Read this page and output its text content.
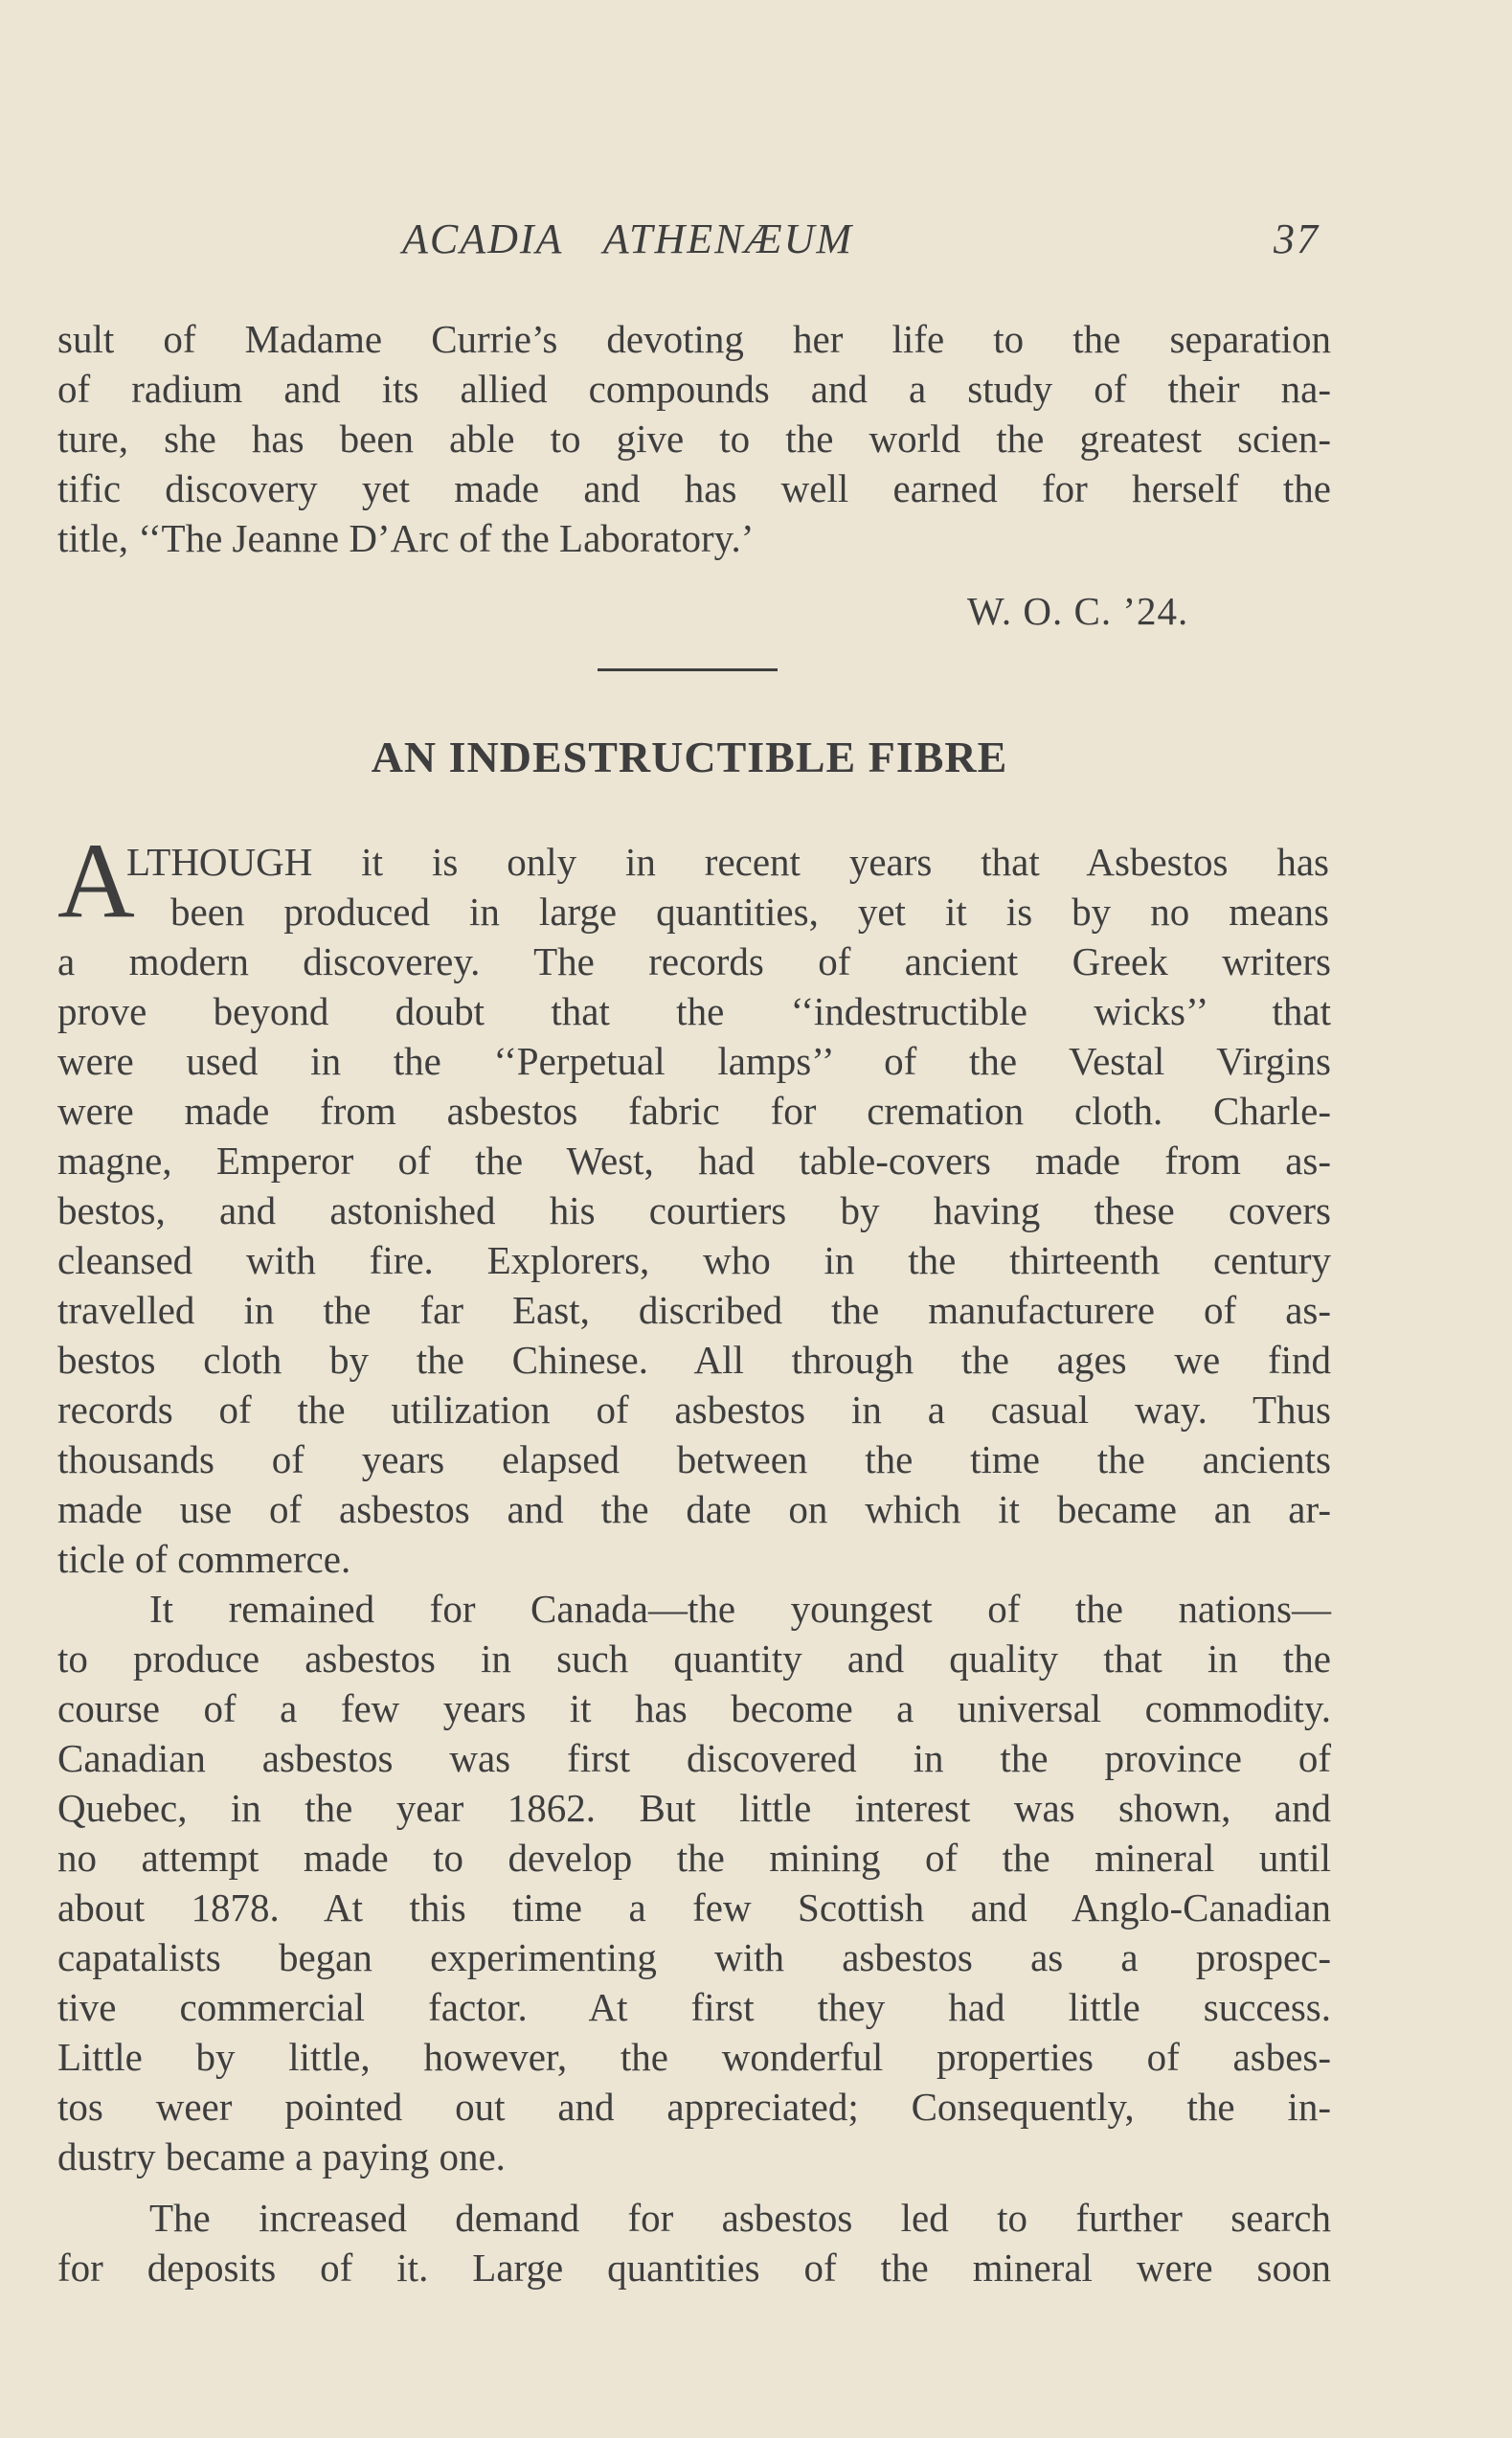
ACADIA ATHENÆUM	37
sult of Madame Currie’s devoting her life to the separation
of radium and its allied compounds and a study of their na-
ture, she has been able to give to the world the greatest scien-
tific discovery yet made and has well earned for herself the
title, ‘‘The Jeanne D’Arc of the Laboratory.’
W. O. C. ’24.
AN INDESTRUCTIBLE FIBRE
A
LTHOUGH it is only in recent years that Asbestos has
been produced in large quantities, yet it is by no means
a modern discoverey. The records of ancient Greek writers
prove beyond doubt that the ‘‘indestructible wicks’’ that
were used in the ‘‘Perpetual lamps’’ of the Vestal Virgins
were made from asbestos fabric for cremation cloth. Charle-
magne, Emperor of the West, had table-covers made from as-
bestos, and astonished his courtiers by having these covers
cleansed with fire. Explorers, who in the thirteenth century
travelled in the far East, discribed the manufacturere of as-
bestos cloth by the Chinese. All through the ages we find
records of the utilization of asbestos in a casual way. Thus
thousands of years elapsed between the time the ancients
made use of asbestos and the date on which it became an ar-
ticle of commerce.
It remained for Canada—the youngest of the nations—
to produce asbestos in such quantity and quality that in the
course of a few years it has become a universal commodity.
Canadian asbestos was first discovered in the province of
Quebec, in the year 1862. But little interest was shown, and
no attempt made to develop the mining of the mineral until
about 1878. At this time a few Scottish and Anglo-Canadian
capatalists began experimenting with asbestos as a prospec-
tive commercial factor. At first they had little success.
Little by little, however, the wonderful properties of asbes-
tos weer pointed out and appreciated; Consequently, the in-
dustry became a paying one.
The increased demand for asbestos led to further search
for deposits of it. Large quantities of the mineral were soon
